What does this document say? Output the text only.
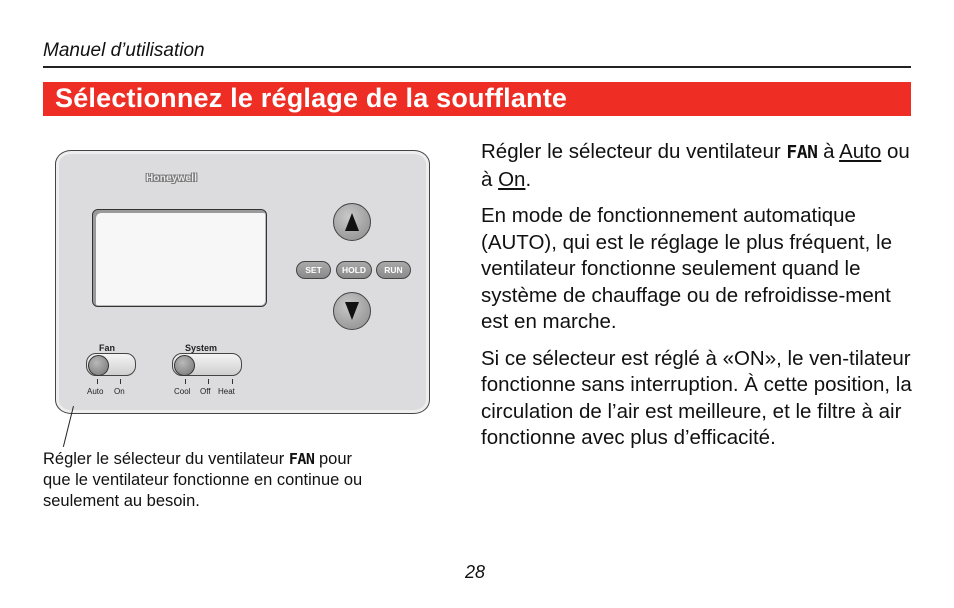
Manuel d’utilisation
Sélectionnez le réglage de la soufflante
Honeywell
SET	HOLD	RUN
Fan
Auto On
System
Cool Off Heat
Régler le sélecteur du ventilateur FAN pour que le ventilateur fonctionne en continue ou seulement au besoin.

Régler le sélecteur du ventilateur FAN à Auto ou à On.

En mode de fonctionnement automatique (AUTO), qui est le réglage le plus fréquent, le ventilateur fonctionne seulement quand le système de chauffage ou de refroidisse-ment est en marche.

Si ce sélecteur est réglé à «ON», le ven-tilateur fonctionne sans interruption. À cette position, la circulation de l’air est meilleure, et le filtre à air fonctionne avec plus d’efficacité.

28
